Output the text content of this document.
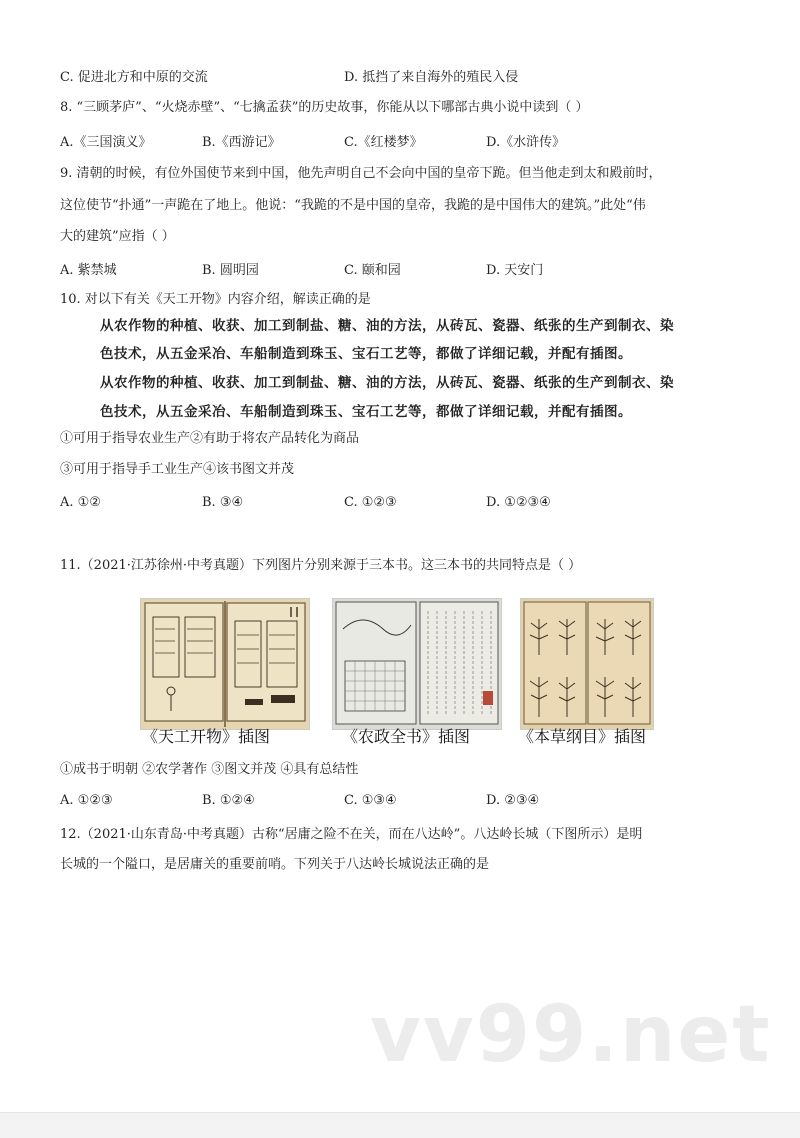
C. 促进北方和中原的交流	D. 抵挡了来自海外的殖民入侵
8. “三顾茅庐”、“火烧赤壁”、“七擒孟获”的历史故事，你能从以下哪部古典小说中读到（ ）
A.《三国演义》	B.《西游记》	C.《红楼梦》	D.《水浒传》
9. 清朝的时候，有位外国使节来到中国，他先声明自己不会向中国的皇帝下跪。但当他走到太和殿前时，
这位使节“扑通”一声跪在了地上。他说：“我跪的不是中国的皇帝，我跪的是中国伟大的建筑。”此处“伟
大的建筑”应指（ ）
A. 紫禁城	B. 圆明园	C. 颐和园	D. 天安门
10. 对以下有关《天工开物》内容介绍，解读正确的是
从农作物的种植、收获、加工到制盐、糖、油的方法，从砖瓦、瓷器、纸张的生产到制衣、染
色技术，从五金采冶、车船制造到珠玉、宝石工艺等，都做了详细记载，并配有插图。
从农作物的种植、收获、加工到制盐、糖、油的方法，从砖瓦、瓷器、纸张的生产到制衣、染
色技术，从五金采冶、车船制造到珠玉、宝石工艺等，都做了详细记载，并配有插图。
①可用于指导农业生产②有助于将农产品转化为商品
③可用于指导手工业生产④该书图文并茂
A. ①②	B. ③④	C. ①②③	D. ①②③④
11.（2021·江苏徐州·中考真题）下列图片分别来源于三本书。这三本书的共同特点是（ ）
《天工开物》插图	《农政全书》插图	《本草纲目》插图
①成书于明朝 ②农学著作 ③图文并茂 ④具有总结性
A. ①②③	B. ①②④	C. ①③④	D. ②③④
12.（2021·山东青岛·中考真题）古称“居庸之险不在关，而在八达岭”。八达岭长城（下图所示）是明
长城的一个隘口，是居庸关的重要前哨。下列关于八达岭长城说法正确的是
vv99.net
